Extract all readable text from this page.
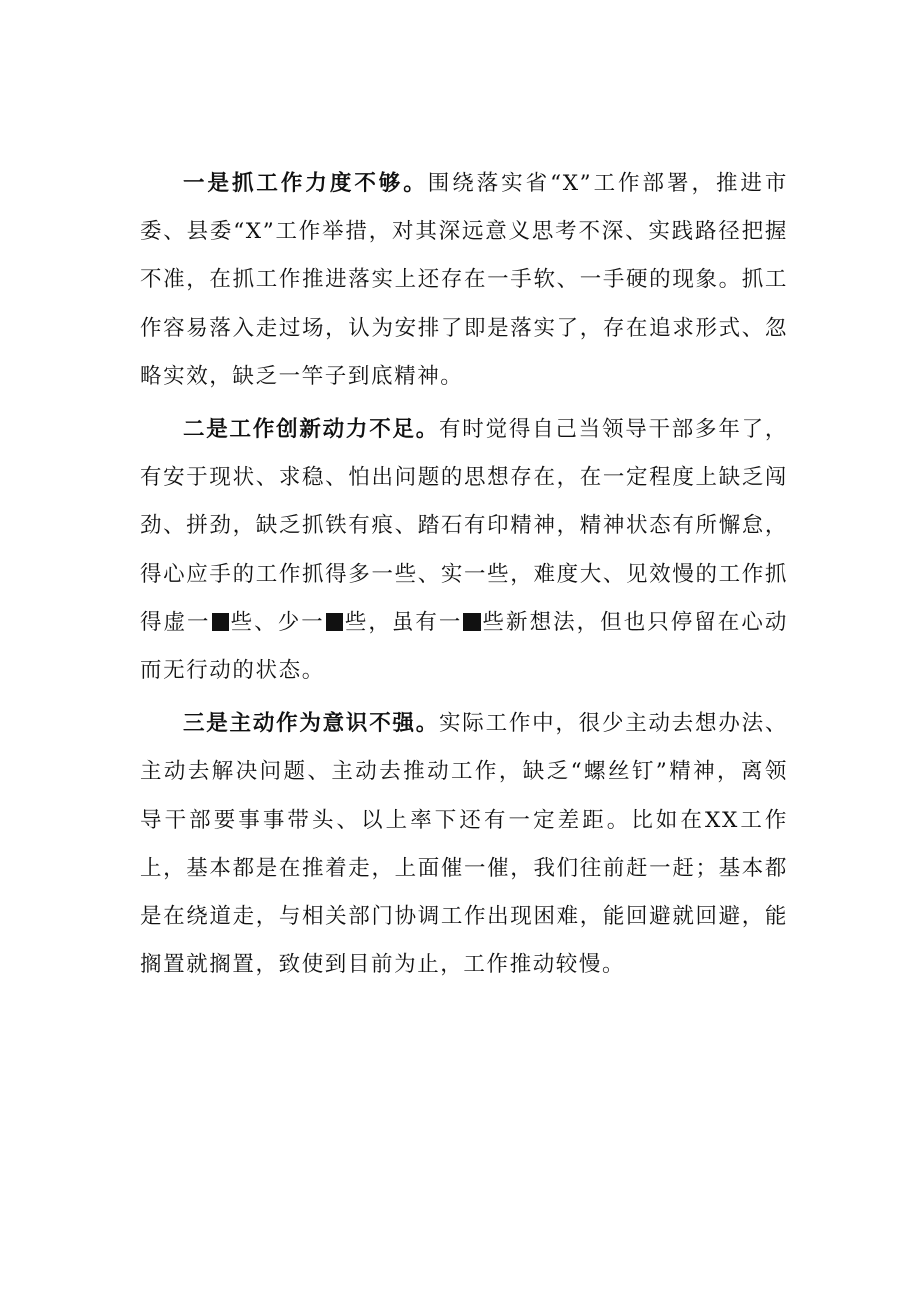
一是抓工作力度不够。围绕落实省“X”工作部署，推进市委、县委“X”工作举措，对其深远意义思考不深、实践路径把握不准，在抓工作推进落实上还存在一手软、一手硬的现象。抓工作容易落入走过场，认为安排了即是落实了，存在追求形式、忽略实效，缺乏一竿子到底精神。

二是工作创新动力不足。有时觉得自己当领导干部多年了，有安于现状、求稳、怕出问题的思想存在，在一定程度上缺乏闯劲、拼劲，缺乏抓铁有痕、踏石有印精神，精神状态有所懈怠，得心应手的工作抓得多一些、实一些，难度大、见效慢的工作抓得虚一 些、少一 些，虽有一 些新想法，但也只停留在心动而无行动的状态。

三是主动作为意识不强。实际工作中，很少主动去想办法、主动去解决问题、主动去推动工作，缺乏“螺丝钉”精神，离领导干部要事事带头、以上率下还有一定差距。比如在XX工作上，基本都是在推着走，上面催一催，我们往前赶一赶；基本都是在绕道走，与相关部门协调工作出现困难，能回避就回避，能搁置就搁置，致使到目前为止，工作推动较慢。
